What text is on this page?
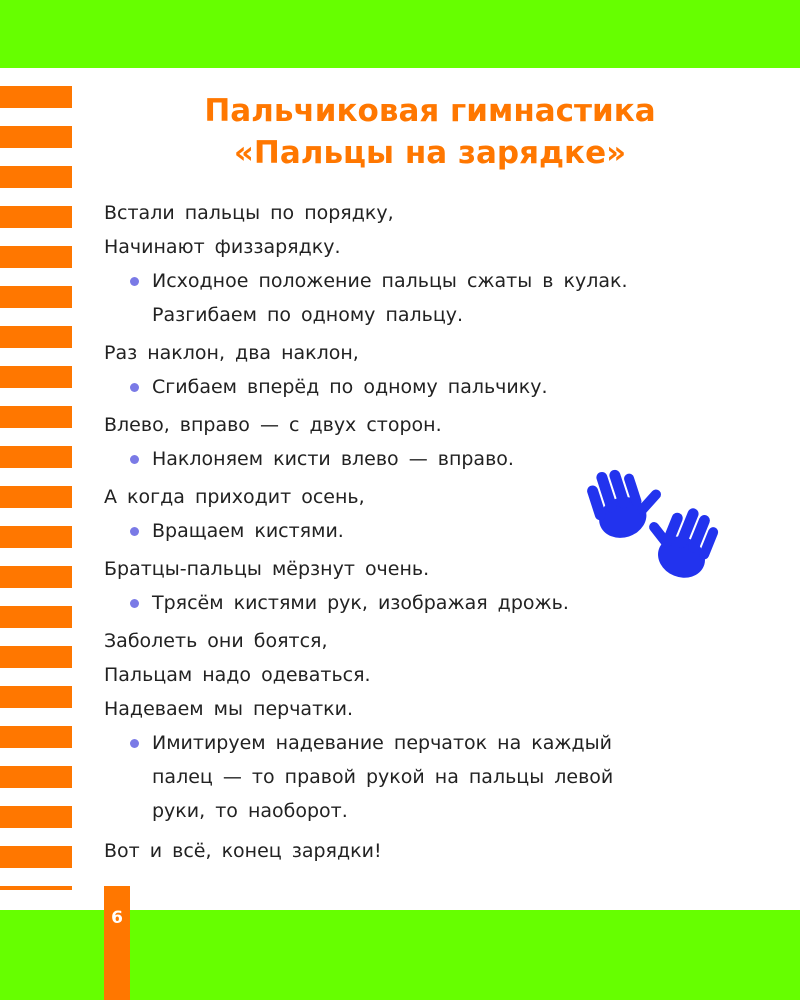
6
Пальчиковая гимнастика
«Пальцы на зарядке»
Встали пальцы по порядку,
Начинают физзарядку.
Исходное положение пальцы сжаты в кулак.
Разгибаем по одному пальцу.
Раз наклон, два наклон,
Сгибаем вперёд по одному пальчику.
Влево, вправо — с двух сторон.
Наклоняем кисти влево — вправо.
А когда приходит осень,
Вращаем кистями.
Братцы-пальцы мёрзнут очень.
Трясём кистями рук, изображая дрожь.
Заболеть они боятся,
Пальцам надо одеваться.
Надеваем мы перчатки.
Имитируем надевание перчаток на каждый
палец — то правой рукой на пальцы левой
руки, то наоборот.
Вот и всё, конец зарядки!
